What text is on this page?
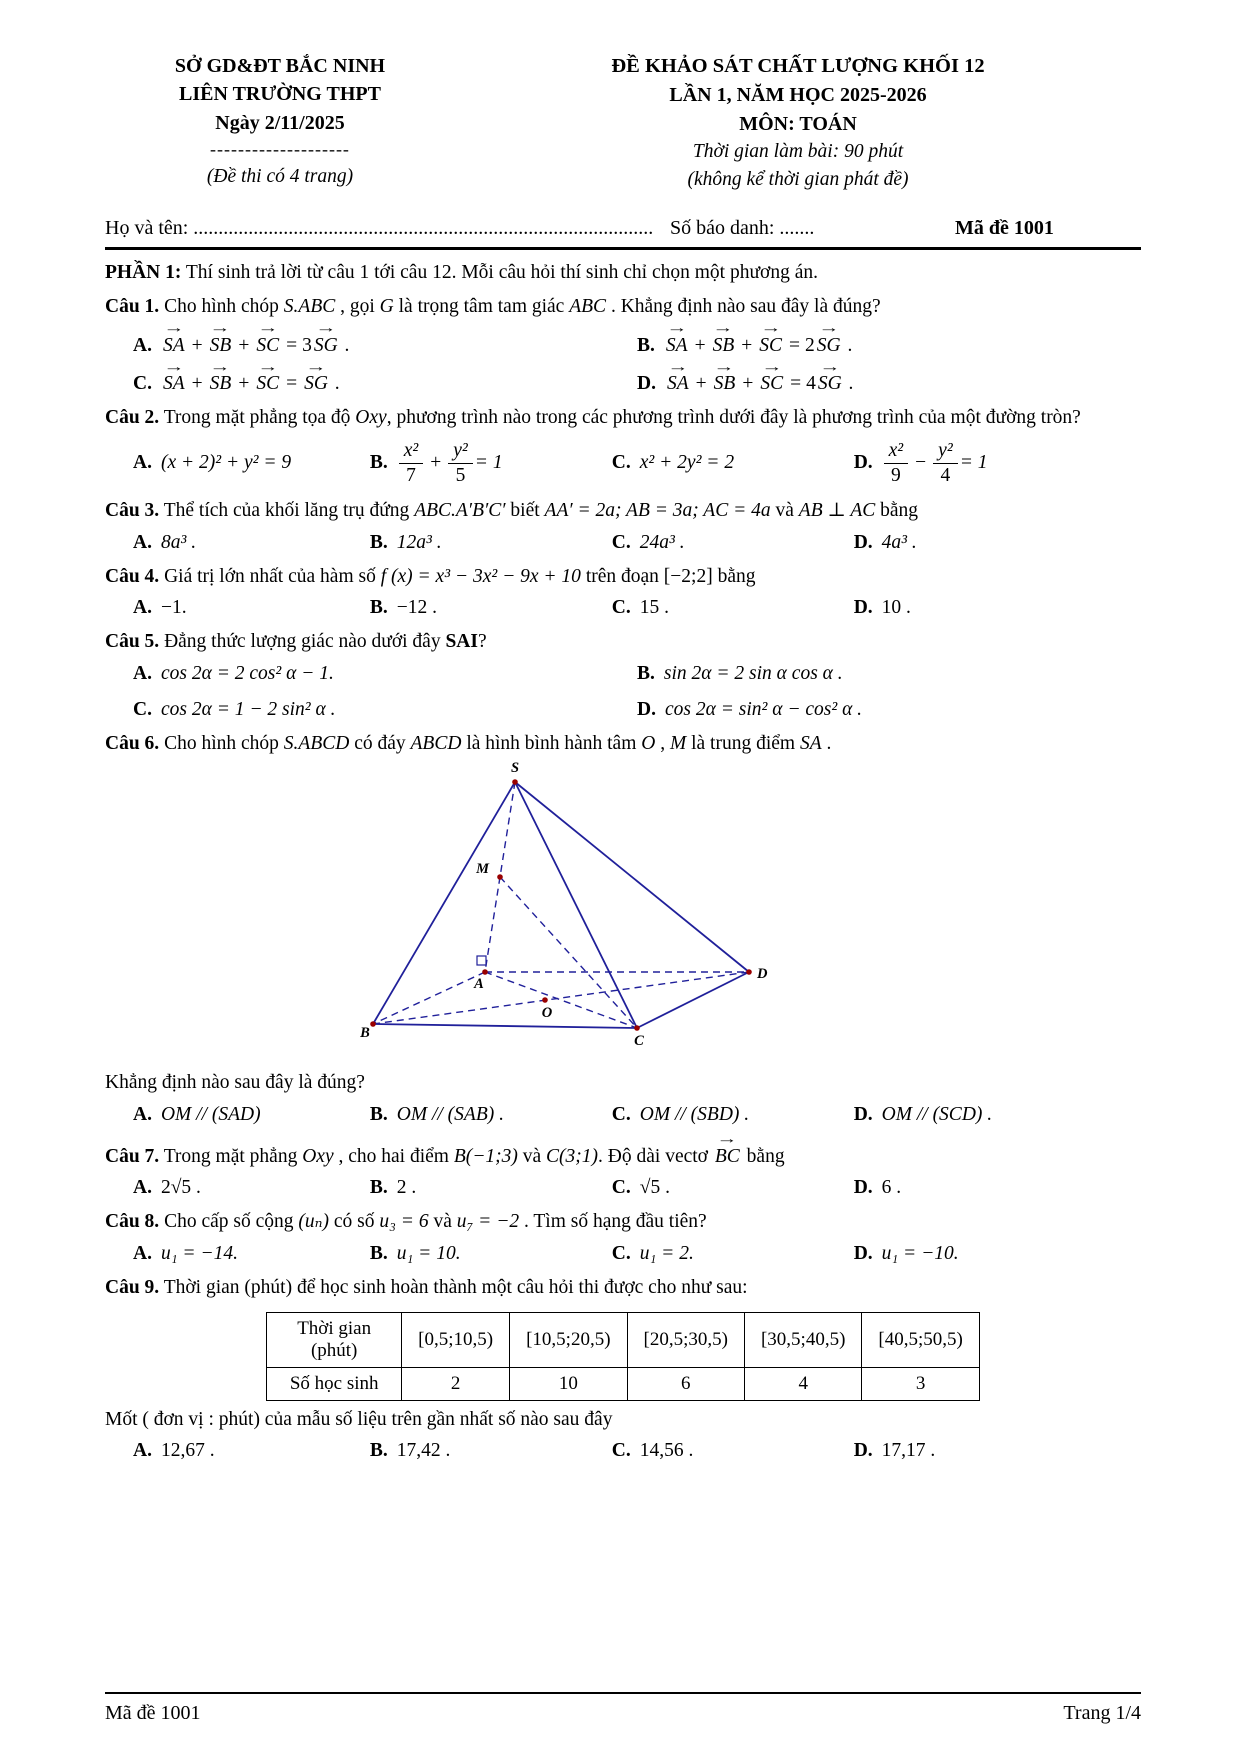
SỞ GD&ĐT BẮC NINH
LIÊN TRƯỜNG THPT
Ngày 2/11/2025
--------------------
(Đề thi có 4 trang)
ĐỀ KHẢO SÁT CHẤT LƯỢNG KHỐI 12
LẦN 1, NĂM HỌC 2025-2026
MÔN: TOÁN
Thời gian làm bài: 90 phút
(không kể thời gian phát đề)
Họ và tên: ............................................................................................ Số báo danh: .......	Mã đề 1001

PHẦN 1: Thí sinh trả lời từ câu 1 tới câu 12. Mỗi câu hỏi thí sinh chỉ chọn một phương án.

Câu 1. Cho hình chóp S.ABC , gọi G là trọng tâm tam giác ABC . Khẳng định nào sau đây là đúng?

A. → SA + → SB + → SC = 3 → SG .	B. → SA + → SB + → SC = 2 → SG .
C. → SA + → SB + → SC = → SG .	D. → SA + → SB + → SC = 4 → SG .

Câu 2. Trong mặt phẳng tọa độ Oxy, phương trình nào trong các phương trình dưới đây là phương trình của một đường tròn?

A. (x + 2)² + y² = 9	B. $\frac{\text{x²}}{7} + \frac{\text{y²}}{5} = 1$	C. x² + 2y² = 2	D. $\frac{\text{x²}}{9} - \frac{\text{y²}}{4} = 1$

Câu 3. Thể tích của khối lăng trụ đứng ABC.A′B′C′ biết AA′ = 2a; AB = 3a; AC = 4a và AB ⊥ AC bằng

A. 8a³ .	B. 12a³ .	C. 24a³ .	D. 4a³ .

Câu 4. Giá trị lớn nhất của hàm số f (x) = x³ − 3x² − 9x + 10 trên đoạn [−2;2] bằng

A. −1.	B. −12 .	C. 15 .	D. 10 .

Câu 5. Đẳng thức lượng giác nào dưới đây SAI?

A. cos 2α = 2 cos² α − 1.	B. sin 2α = 2 sin α cos α .
C. cos 2α = 1 − 2 sin² α .	D. cos 2α = sin² α − cos² α .

Câu 6. Cho hình chóp S.ABCD có đáy ABCD là hình bình hành tâm O , M là trung điểm SA .

S
M
A
B	C
D
O

Khẳng định nào sau đây là đúng?

A. OM // (SAD)	B. OM // (SAB) .	C. OM // (SBD) .	D. OM // (SCD) .

Câu 7. Trong mặt phẳng Oxy , cho hai điểm B(−1;3) và C(3;1). Độ dài vectơ → BC bằng

A. 2√5 .	B. 2 .	C. √5 .	D. 6 .

Câu 8. Cho cấp số cộng (uₙ) có số u₃ = 6 và u₇ = −2 . Tìm số hạng đầu tiên?

A. u₁ = −14.	B. u₁ = 10.	C. u₁ = 2.	D. u₁ = −10.

Câu 9. Thời gian (phút) để học sinh hoàn thành một câu hỏi thi được cho như sau:

Thời gian (phút)	[0,5;10,5)	[10,5;20,5)	[20,5;30,5)	[30,5;40,5)	[40,5;50,5)
Số học sinh	2	10	6	4	3

Mốt ( đơn vị : phút) của mẫu số liệu trên gần nhất số nào sau đây

A. 12,67 .	B. 17,42 .	C. 14,56 .	D. 17,17 .
Mã đề 1001	Trang 1/4
